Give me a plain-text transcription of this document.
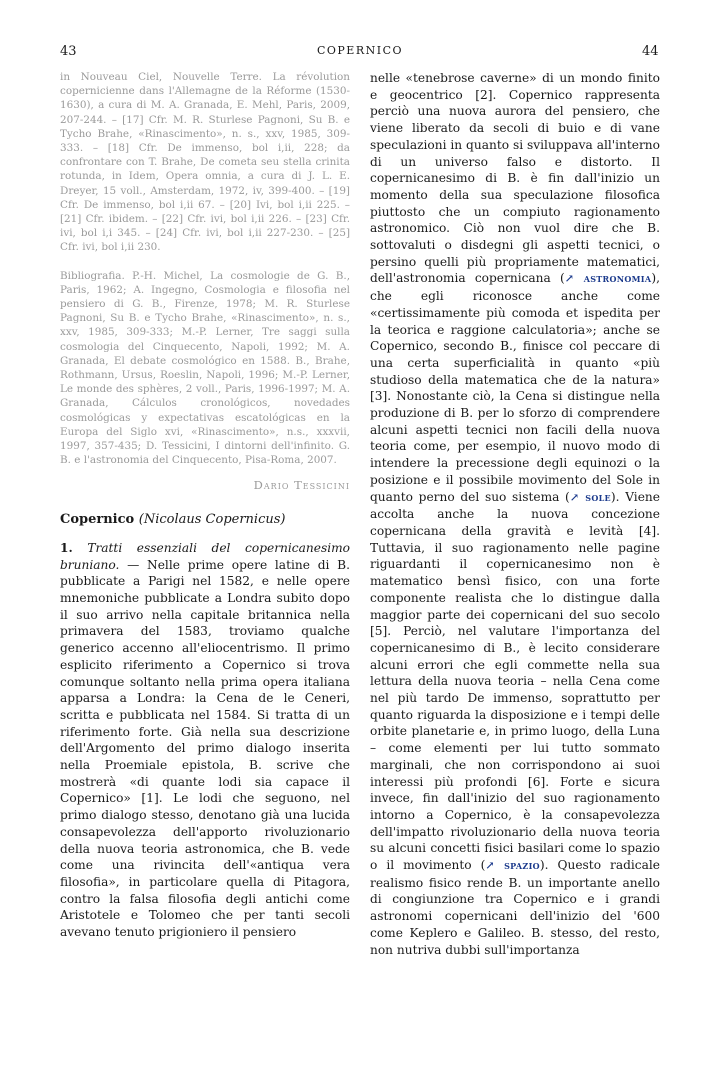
43	COPERNICO	44

in Nouveau Ciel, Nouvelle Terre. La révolution copernicienne dans l'Allemagne de la Réforme (1530-1630), a cura di M. A. Granada, E. Mehl, Paris, 2009, 207-244. – [17] Cfr. M. R. Sturlese Pagnoni, Su B. e Tycho Brahe, «Rinascimento», n. s., xxv, 1985, 309-333. – [18] Cfr. De immenso, bol i,ii, 228; da confrontare con T. Brahe, De cometa seu stella crinita rotunda, in Idem, Opera omnia, a cura di J. L. E. Dreyer, 15 voll., Amsterdam, 1972, iv, 399-400. – [19] Cfr. De immenso, bol i,ii 67. – [20] Ivi, bol i,ii 225. – [21] Cfr. ibidem. – [22] Cfr. ivi, bol i,ii 226. – [23] Cfr. ivi, bol i,i 345. – [24] Cfr. ivi, bol i,ii 227-230. – [25] Cfr. ivi, bol i,ii 230.

Bibliografia. P.-H. Michel, La cosmologie de G. B., Paris, 1962; A. Ingegno, Cosmologia e filosofia nel pensiero di G. B., Firenze, 1978; M. R. Sturlese Pagnoni, Su B. e Tycho Brahe, «Rinascimento», n. s., xxv, 1985, 309-333; M.-P. Lerner, Tre saggi sulla cosmologia del Cinquecento, Napoli, 1992; M. A. Granada, El debate cosmológico en 1588. B., Brahe, Rothmann, Ursus, Roeslin, Napoli, 1996; M.-P. Lerner, Le monde des sphères, 2 voll., Paris, 1996-1997; M. A. Granada, Cálculos cronológicos, novedades cosmológicas y expectativas escatológicas en la Europa del Siglo xvi, «Rinascimento», n.s., xxxvii, 1997, 357-435; D. Tessicini, I dintorni dell'infinito. G. B. e l'astronomia del Cinquecento, Pisa-Roma, 2007.

Dario Tessicini
Copernico (Nicolaus Copernicus)

1. Tratti essenziali del copernicanesimo bruniano. — Nelle prime opere latine di B. pubblicate a Parigi nel 1582, e nelle opere mnemoniche pubblicate a Londra subito dopo il suo arrivo nella capitale britannica nella primavera del 1583, troviamo qualche generico accenno all'eliocentrismo. Il primo esplicito riferimento a Copernico si trova comunque soltanto nella prima opera italiana apparsa a Londra: la Cena de le Ceneri, scritta e pubblicata nel 1584. Si tratta di un riferimento forte. Già nella sua descrizione dell'Argomento del primo dialogo inserita nella Proemiale epistola, B. scrive che mostrerà «di quante lodi sia capace il Copernico» [1]. Le lodi che seguono, nel primo dialogo stesso, denotano già una lucida consapevolezza dell'apporto rivoluzionario della nuova teoria astronomica, che B. vede come una rivincita dell'«antiqua vera filosofia», in particolare quella di Pitagora, contro la falsa filosofia degli antichi come Aristotele e Tolomeo che per tanti secoli avevano tenuto prigioniero il pensiero

nelle «tenebrose caverne» di un mondo finito e geocentrico [2]. Copernico rappresenta perciò una nuova aurora del pensiero, che viene liberato da secoli di buio e di vane speculazioni in quanto si sviluppava all'interno di un universo falso e distorto. Il copernicanesimo di B. è fin dall'inizio un momento della sua speculazione filosofica piuttosto che un compiuto ragionamento astronomico. Ciò non vuol dire che B. sottovaluti o disdegni gli aspetti tecnici, o persino quelli più propriamente matematici, dell'astronomia copernicana (↗ astronomia), che egli riconosce anche come «certissimamente più comoda et ispedita per la teorica e raggione calculatoria»; anche se Copernico, secondo B., finisce col peccare di una certa superficialità in quanto «più studioso della matematica che de la natura» [3]. Nonostante ciò, la Cena si distingue nella produzione di B. per lo sforzo di comprendere alcuni aspetti tecnici non facili della nuova teoria come, per esempio, il nuovo modo di intendere la precessione degli equinozi o la posizione e il possibile movimento del Sole in quanto perno del suo sistema (↗ sole). Viene accolta anche la nuova concezione copernicana della gravità e levità [4]. Tuttavia, il suo ragionamento nelle pagine riguardanti il copernicanesimo non è matematico bensì fisico, con una forte componente realista che lo distingue dalla maggior parte dei copernicani del suo secolo [5]. Perciò, nel valutare l'importanza del copernicanesimo di B., è lecito considerare alcuni errori che egli commette nella sua lettura della nuova teoria – nella Cena come nel più tardo De immenso, soprattutto per quanto riguarda la disposizione e i tempi delle orbite planetarie e, in primo luogo, della Luna – come elementi per lui tutto sommato marginali, che non corrispondono ai suoi interessi più profondi [6]. Forte e sicura invece, fin dall'inizio del suo ragionamento intorno a Copernico, è la consapevolezza dell'impatto rivoluzionario della nuova teoria su alcuni concetti fisici basilari come lo spazio o il movimento (↗ spazio). Questo radicale realismo fisico rende B. un importante anello di congiunzione tra Copernico e i grandi astronomi copernicani dell'inizio del '600 come Keplero e Galileo. B. stesso, del resto, non nutriva dubbi sull'importanza
